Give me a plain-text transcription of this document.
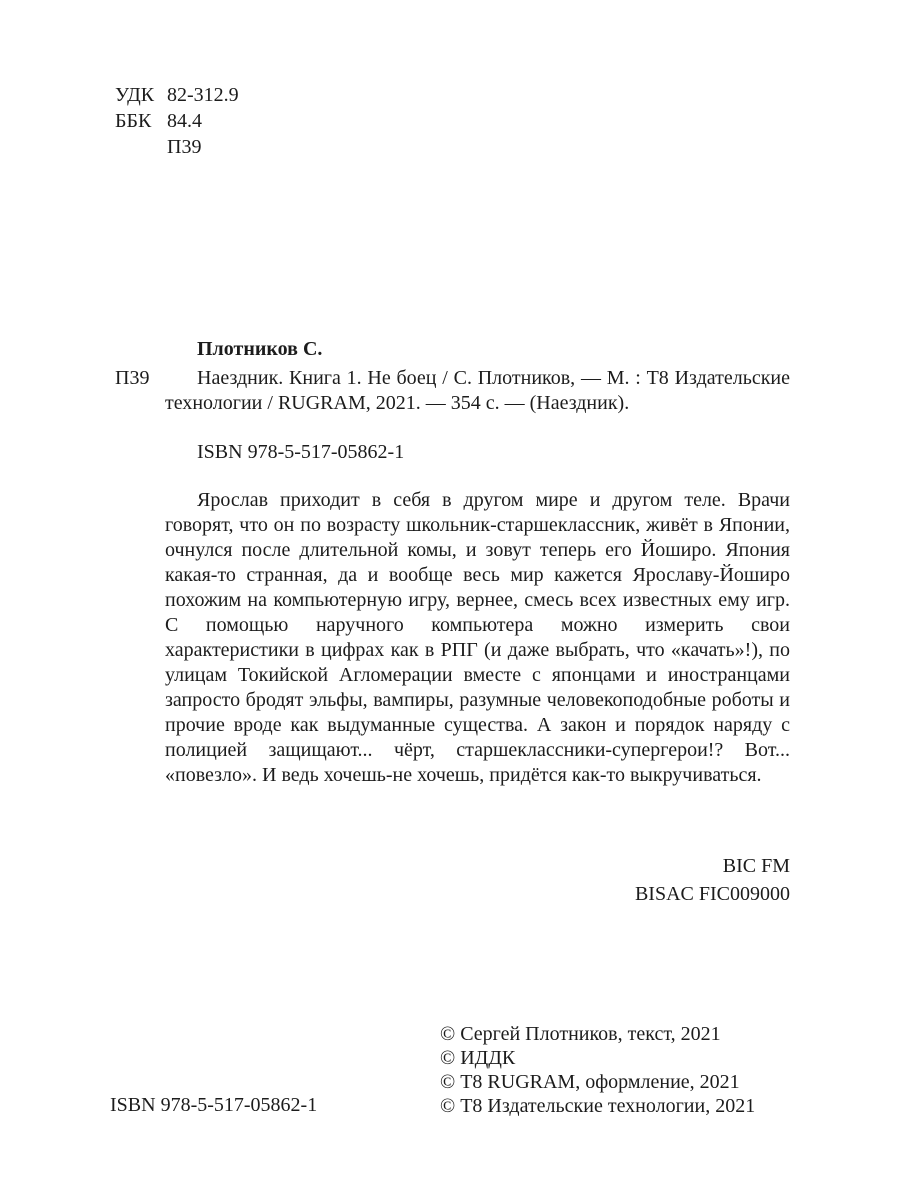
УДК 82-312.9
ББК 84.4
П39
Плотников С.
П39	Наездник. Книга 1. Не боец / С. Плотников, — М. : Т8 Издательские технологии / RUGRAM, 2021. — 354 с. — (Наездник).

ISBN 978-5-517-05862-1

Ярослав приходит в себя в другом мире и другом теле. Врачи говорят, что он по возрасту школьник-старшеклассник, живёт в Японии, очнулся после длительной комы, и зовут теперь его Йоширо. Япония какая-то странная, да и вообще весь мир кажется Ярославу-Йоширо похожим на компьютерную игру, вернее, смесь всех известных ему игр. С помощью наручного компьютера можно измерить свои характеристики в цифрах как в РПГ (и даже выбрать, что «качать»!), по улицам Токийской Агломерации вместе с японцами и иностранцами запросто бродят эльфы, вампиры, разумные человекоподобные роботы и прочие вроде как выдуманные существа. А закон и порядок наряду с полицией защищают... чёрт, старшеклассники-супергерои!? Вот... «повезло». И ведь хочешь-не хочешь, придётся как-то выкручиваться.

BIC FM
BISAC FIC009000
© Сергей Плотников, текст, 2021
© ИДДК
© Т8 RUGRAM, оформление, 2021
© Т8 Издательские технологии, 2021
ISBN 978-5-517-05862-1
